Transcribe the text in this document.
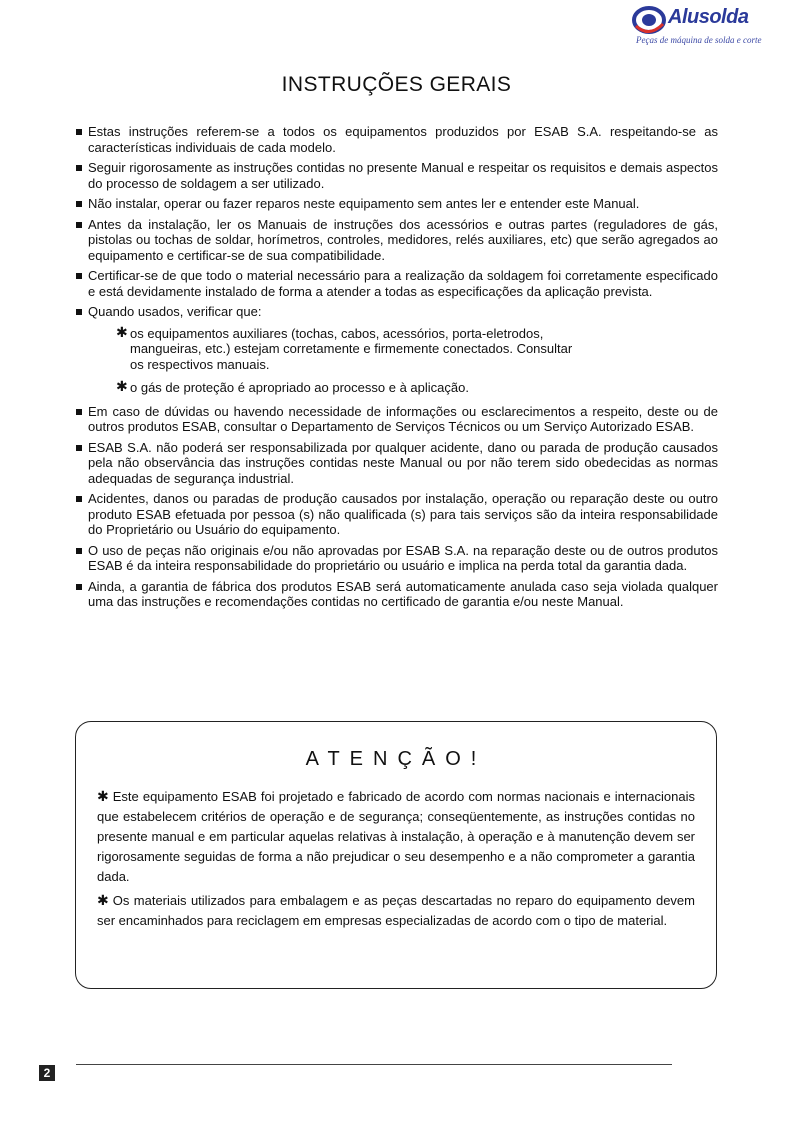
Alusolda
Peças de máquina de solda e corte
INSTRUÇÕES GERAIS
Estas instruções referem-se a todos os equipamentos produzidos por ESAB S.A. respeitando-se as características individuais de cada modelo.
Seguir rigorosamente as instruções contidas no presente Manual e respeitar os requisitos e demais aspectos do processo de soldagem a ser utilizado.
Não instalar, operar ou fazer reparos neste equipamento sem antes ler e entender este Manual.
Antes da instalação, ler os Manuais de instruções dos acessórios e outras partes (reguladores de gás, pistolas ou tochas de soldar, horímetros, controles, medidores, relés auxiliares, etc) que serão agregados ao equipamento e certificar-se de sua compatibilidade.
Certificar-se de que todo o material necessário para a realização da soldagem foi corretamente especificado e está devidamente instalado de forma a atender a todas as especificações da aplicação prevista.
Quando usados, verificar que:
✱ os equipamentos auxiliares (tochas, cabos, acessórios, porta-eletrodos, mangueiras, etc.) estejam corretamente e firmemente conectados. Consultar os respectivos manuais.
✱ o gás de proteção é apropriado ao processo e à aplicação.
Em caso de dúvidas ou havendo necessidade de informações ou esclarecimentos a respeito, deste ou de outros produtos ESAB, consultar o Departamento de Serviços Técnicos ou um Serviço Autorizado ESAB.
ESAB S.A. não poderá ser responsabilizada por qualquer acidente, dano ou parada de produção causados pela não observância das instruções contidas neste Manual ou por não terem sido obedecidas as normas adequadas de segurança industrial.
Acidentes, danos ou paradas de produção causados por instalação, operação ou reparação deste ou outro produto ESAB efetuada por pessoa (s) não qualificada (s) para tais serviços são da inteira responsabilidade do Proprietário ou Usuário do equipamento.
O uso de peças não originais e/ou não aprovadas por ESAB S.A. na reparação deste ou de outros produtos ESAB é da inteira responsabilidade do proprietário ou usuário e implica na perda total da garantia dada.
Ainda, a garantia de fábrica dos produtos ESAB será automaticamente anulada caso seja violada qualquer uma das instruções e recomendações contidas no certificado de garantia e/ou neste Manual.
ATENÇÃO!

✱ Este equipamento ESAB foi projetado e fabricado de acordo com normas nacionais e internacionais que estabelecem critérios de operação e de segurança; conseqüentemente, as instruções contidas no presente manual e em particular aquelas relativas à instalação, à operação e à manutenção devem ser rigorosamente seguidas de forma a não prejudicar o seu desempenho e a não comprometer a garantia dada.

✱ Os materiais utilizados para embalagem e as peças descartadas no reparo do equipamento devem ser encaminhados para reciclagem em empresas especializadas de acordo com o tipo de material.

2
